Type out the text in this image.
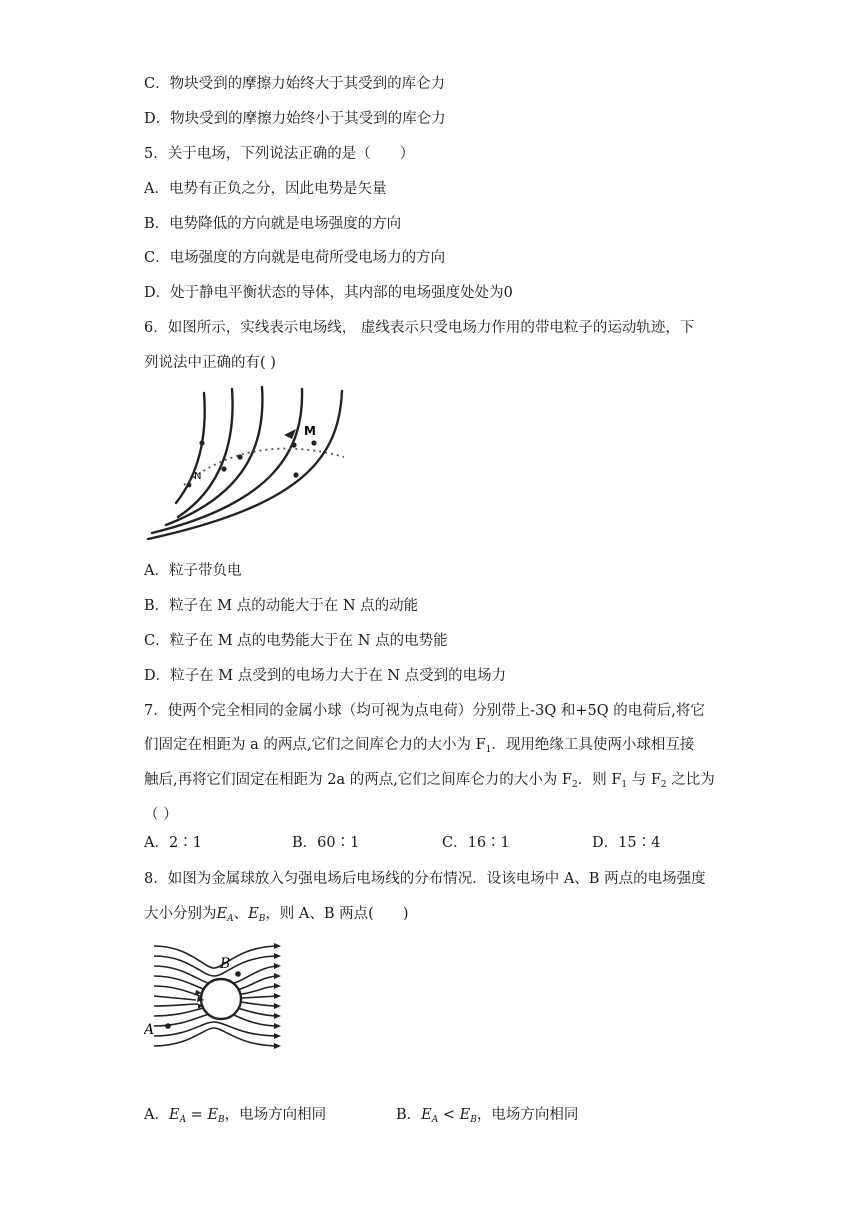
C．物块受到的摩擦力始终大于其受到的库仑力
D．物块受到的摩擦力始终小于其受到的库仑力
5．关于电场，下列说法正确的是（　　）
A．电势有正负之分，因此电势是矢量
B．电势降低的方向就是电场强度的方向
C．电场强度的方向就是电荷所受电场力的方向
D．处于静电平衡状态的导体，其内部的电场强度处处为0
6．如图所示，实线表示电场线， 虚线表示只受电场力作用的带电粒子的运动轨迹，下
列说法中正确的有( )
M
N
A．粒子带负电
B．粒子在 M 点的动能大于在 N 点的动能
C．粒子在 M 点的电势能大于在 N 点的电势能
D．粒子在 M 点受到的电场力大于在 N 点受到的电场力
7．使两个完全相同的金属小球（均可视为点电荷）分别带上-3Q 和+5Q 的电荷后,将它
们固定在相距为 a 的两点,它们之间库仑力的大小为 $F_1$．现用绝缘工具使两小球相互接
触后,再将它们固定在相距为 2a 的两点,它们之间库仑力的大小为 $F_2$．则 $F_1$ 与 $F_2$ 之比为
（ ）
A．2∶1	B．60∶1	C．16∶1	D．15∶4
8．如图为金属球放入匀强电场后电场线的分布情况．设该电场中 A、B 两点的电场强度
大小分别为$E_A$、$E_B$，则 A、B 两点(　　)
B
A
A．$E_A = E_B$，电场方向相同	B．$E_A < E_B$，电场方向相同
